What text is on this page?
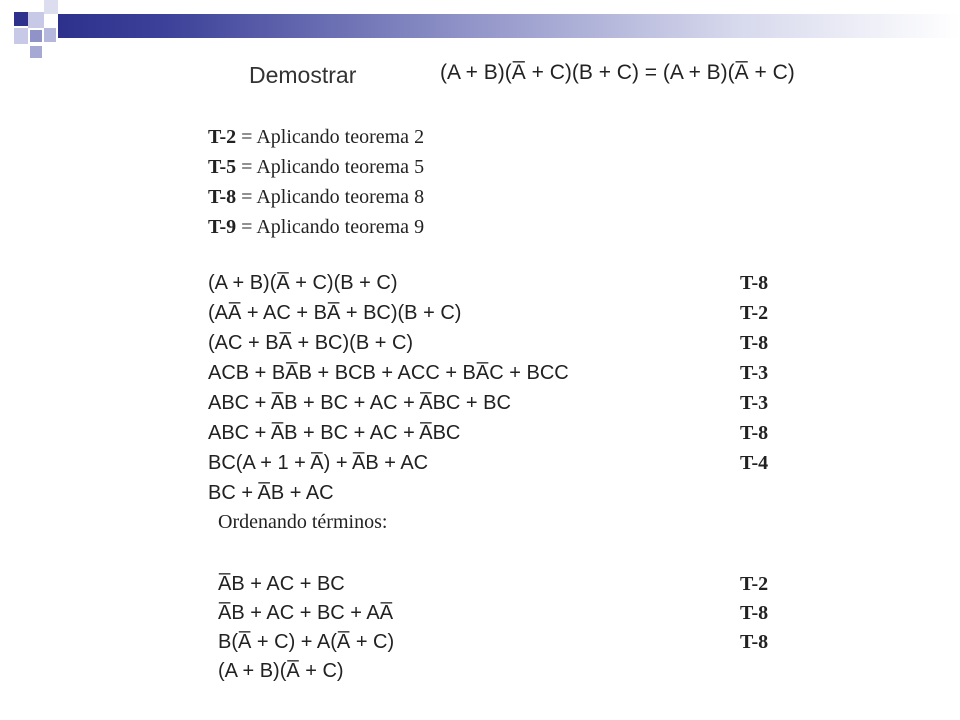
Demostrar	(A + B)(A̅ + C)(B + C) = (A + B)(A̅ + C)
T-2 = Aplicando teorema 2
T-5 = Aplicando teorema 5
T-8 = Aplicando teorema 8
T-9 = Aplicando teorema 9
(A + B)(A̅ + C)(B + C)	T-8
(AA̅ + AC + BA̅ + BC)(B + C)	T-2
(AC + BA̅ + BC)(B + C)	T-8
ACB + BA̅B + BCB + ACC + BA̅C + BCC	T-3
ABC + A̅B + BC + AC + A̅BC + BC	T-3
ABC + A̅B + BC + AC + A̅BC	T-8
BC(A + 1 + A̅) + A̅B + AC	T-4
BC + A̅B + AC
Ordenando términos:
A̅B + AC + BC	T-2
A̅B + AC + BC + AA̅	T-8
B(A̅ + C) + A(A̅ + C)	T-8
(A + B)(A̅ + C)
